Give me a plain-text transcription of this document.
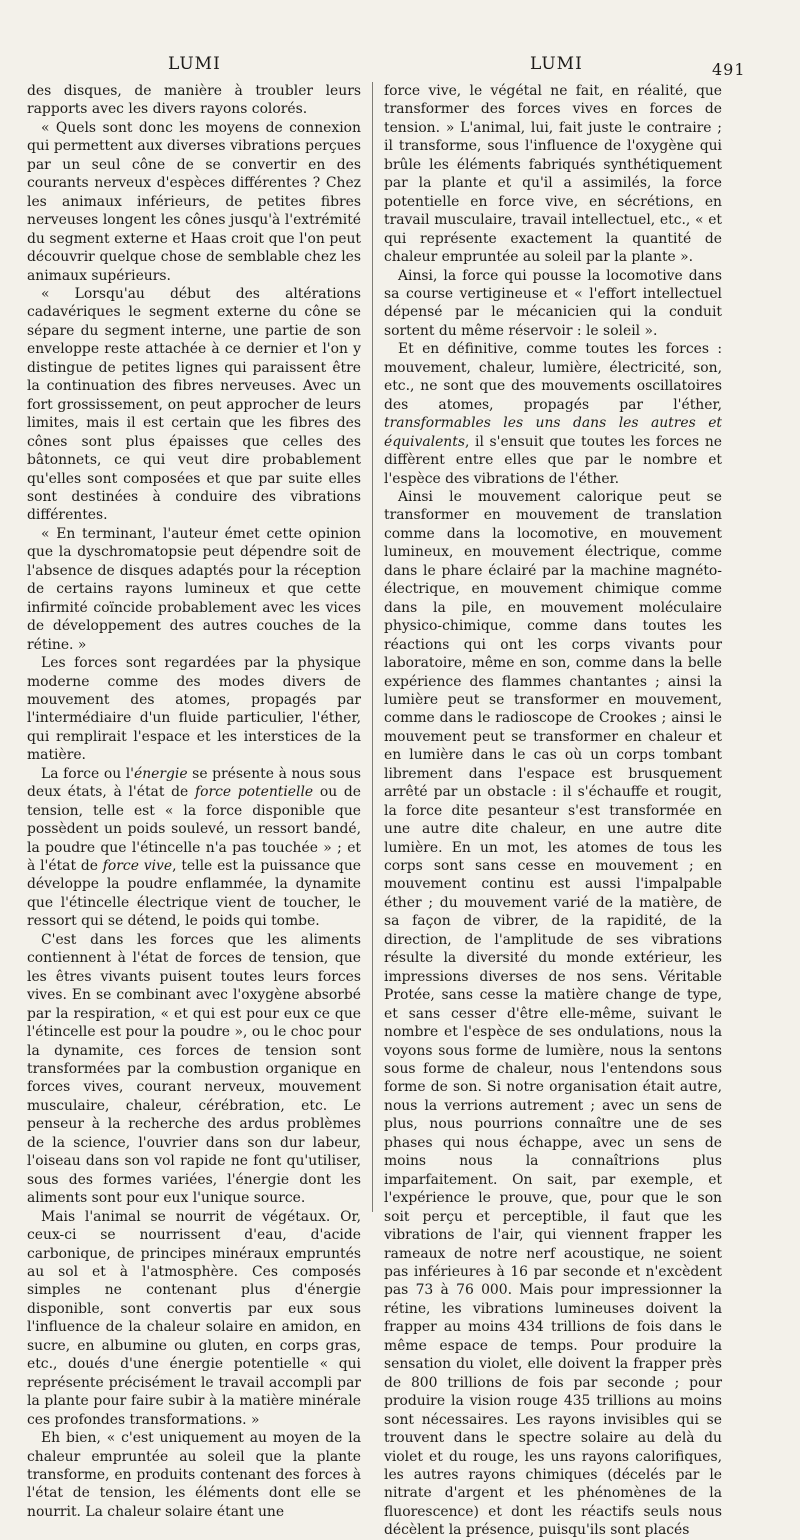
LUMI	LUMI	491

des disques, de manière à troubler leurs rapports avec les divers rayons colorés.

« Quels sont donc les moyens de connexion qui permettent aux diverses vibrations perçues par un seul cône de se convertir en des courants nerveux d'espèces différentes ? Chez les animaux inférieurs, de petites fibres nerveuses longent les cônes jusqu'à l'extrémité du segment externe et Haas croit que l'on peut découvrir quelque chose de semblable chez les animaux supérieurs.

« Lorsqu'au début des altérations cadavériques le segment externe du cône se sépare du segment interne, une partie de son enveloppe reste attachée à ce dernier et l'on y distingue de petites lignes qui paraissent être la continuation des fibres nerveuses. Avec un fort grossissement, on peut approcher de leurs limites, mais il est certain que les fibres des cônes sont plus épaisses que celles des bâtonnets, ce qui veut dire probablement qu'elles sont composées et que par suite elles sont destinées à conduire des vibrations différentes.

« En terminant, l'auteur émet cette opinion que la dyschromatopsie peut dépendre soit de l'absence de disques adaptés pour la réception de certains rayons lumineux et que cette infirmité coïncide probablement avec les vices de développement des autres couches de la rétine. »

Les forces sont regardées par la physique moderne comme des modes divers de mouvement des atomes, propagés par l'intermédiaire d'un fluide particulier, l'éther, qui remplirait l'espace et les interstices de la matière.

La force ou l'énergie se présente à nous sous deux états, à l'état de force potentielle ou de tension, telle est « la force disponible que possèdent un poids soulevé, un ressort bandé, la poudre que l'étincelle n'a pas touchée » ; et à l'état de force vive, telle est la puissance que développe la poudre enflammée, la dynamite que l'étincelle électrique vient de toucher, le ressort qui se détend, le poids qui tombe.

C'est dans les forces que les aliments contiennent à l'état de forces de tension, que les êtres vivants puisent toutes leurs forces vives. En se combinant avec l'oxygène absorbé par la respiration, « et qui est pour eux ce que l'étincelle est pour la poudre », ou le choc pour la dynamite, ces forces de tension sont transformées par la combustion organique en forces vives, courant nerveux, mouvement musculaire, chaleur, cérébration, etc. Le penseur à la recherche des ardus problèmes de la science, l'ouvrier dans son dur labeur, l'oiseau dans son vol rapide ne font qu'utiliser, sous des formes variées, l'énergie dont les aliments sont pour eux l'unique source.

Mais l'animal se nourrit de végétaux. Or, ceux-ci se nourrissent d'eau, d'acide carbonique, de principes minéraux empruntés au sol et à l'atmosphère. Ces composés simples ne contenant plus d'énergie disponible, sont convertis par eux sous l'influence de la chaleur solaire en amidon, en sucre, en albumine ou gluten, en corps gras, etc., doués d'une énergie potentielle « qui représente précisément le travail accompli par la plante pour faire subir à la matière minérale ces profondes transformations. »

Eh bien, « c'est uniquement au moyen de la chaleur empruntée au soleil que la plante transforme, en produits contenant des forces à l'état de tension, les éléments dont elle se nourrit. La chaleur solaire étant une

force vive, le végétal ne fait, en réalité, que transformer des forces vives en forces de tension. » L'animal, lui, fait juste le contraire ; il transforme, sous l'influence de l'oxygène qui brûle les éléments fabriqués synthétiquement par la plante et qu'il a assimilés, la force potentielle en force vive, en sécrétions, en travail musculaire, travail intellectuel, etc., « et qui représente exactement la quantité de chaleur empruntée au soleil par la plante ».

Ainsi, la force qui pousse la locomotive dans sa course vertigineuse et « l'effort intellectuel dépensé par le mécanicien qui la conduit sortent du même réservoir : le soleil ».

Et en définitive, comme toutes les forces : mouvement, chaleur, lumière, électricité, son, etc., ne sont que des mouvements oscillatoires des atomes, propagés par l'éther, transformables les uns dans les autres et équivalents, il s'ensuit que toutes les forces ne diffèrent entre elles que par le nombre et l'espèce des vibrations de l'éther.

Ainsi le mouvement calorique peut se transformer en mouvement de translation comme dans la locomotive, en mouvement lumineux, en mouvement électrique, comme dans le phare éclairé par la machine magnéto-électrique, en mouvement chimique comme dans la pile, en mouvement moléculaire physico-chimique, comme dans toutes les réactions qui ont les corps vivants pour laboratoire, même en son, comme dans la belle expérience des flammes chantantes ; ainsi la lumière peut se transformer en mouvement, comme dans le radioscope de Crookes ; ainsi le mouvement peut se transformer en chaleur et en lumière dans le cas où un corps tombant librement dans l'espace est brusquement arrêté par un obstacle : il s'échauffe et rougit, la force dite pesanteur s'est transformée en une autre dite chaleur, en une autre dite lumière. En un mot, les atomes de tous les corps sont sans cesse en mouvement ; en mouvement continu est aussi l'impalpable éther ; du mouvement varié de la matière, de sa façon de vibrer, de la rapidité, de la direction, de l'amplitude de ses vibrations résulte la diversité du monde extérieur, les impressions diverses de nos sens. Véritable Protée, sans cesse la matière change de type, et sans cesser d'être elle-même, suivant le nombre et l'espèce de ses ondulations, nous la voyons sous forme de lumière, nous la sentons sous forme de chaleur, nous l'entendons sous forme de son. Si notre organisation était autre, nous la verrions autrement ; avec un sens de plus, nous pourrions connaître une de ses phases qui nous échappe, avec un sens de moins nous la connaîtrions plus imparfaitement. On sait, par exemple, et l'expérience le prouve, que, pour que le son soit perçu et perceptible, il faut que les vibrations de l'air, qui viennent frapper les rameaux de notre nerf acoustique, ne soient pas inférieures à 16 par seconde et n'excèdent pas 73 à 76 000. Mais pour impressionner la rétine, les vibrations lumineuses doivent la frapper au moins 434 trillions de fois dans le même espace de temps. Pour produire la sensation du violet, elle doivent la frapper près de 800 trillions de fois par seconde ; pour produire la vision rouge 435 trillions au moins sont nécessaires. Les rayons invisibles qui se trouvent dans le spectre solaire au delà du violet et du rouge, les uns rayons calorifiques, les autres rayons chimiques (décelés par le nitrate d'argent et les phénomènes de la fluorescence) et dont les réactifs seuls nous décèlent la présence, puisqu'ils sont placés
